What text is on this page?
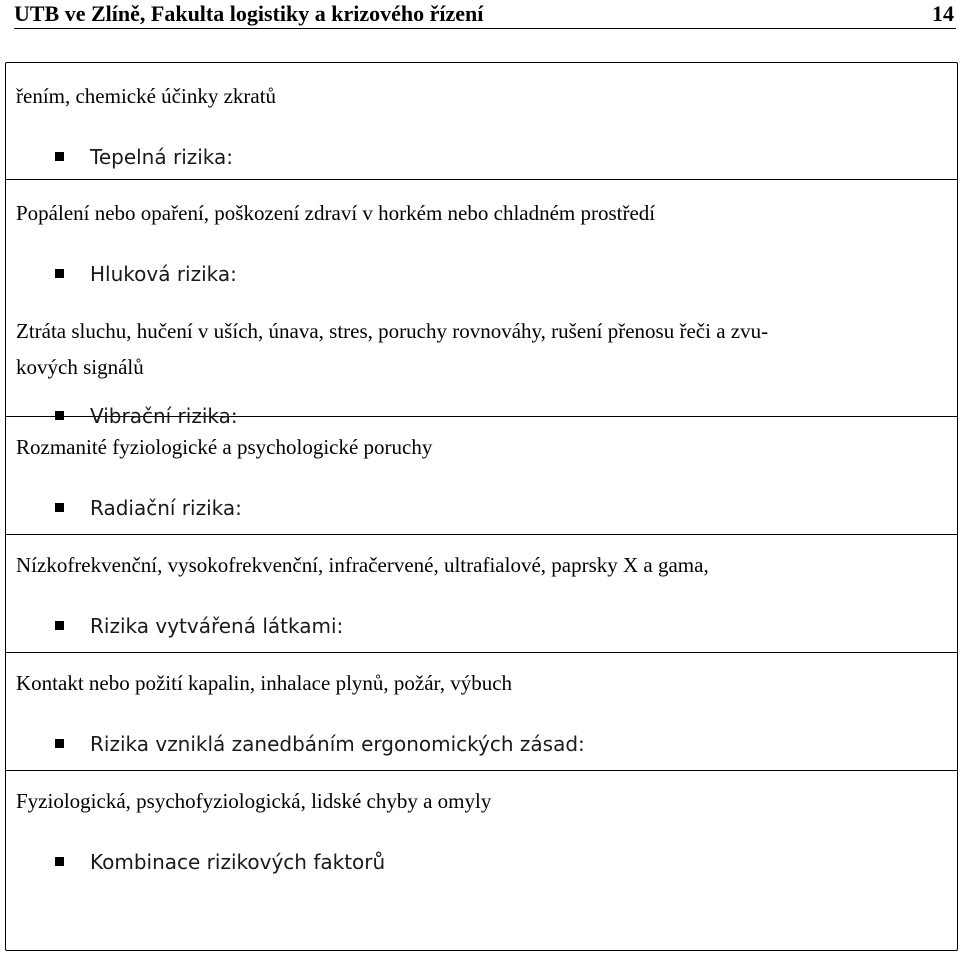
UTB ve Zlíně, Fakulta logistiky a krizového řízení	14
řením, chemické účinky zkratů
Tepelná rizika:
Popálení nebo opaření, poškození zdraví v horkém nebo chladném prostředí
Hluková rizika:
Ztráta sluchu, hučení v uších, únava, stres, poruchy rovnováhy, rušení přenosu řeči a zvu-
kových signálů
Vibrační rizika:
Rozmanité fyziologické a psychologické poruchy
Radiační rizika:
Nízkofrekvenční, vysokofrekvenční, infračervené, ultrafialové, paprsky X a gama,
Rizika vytvářená látkami:
Kontakt nebo požití kapalin, inhalace plynů, požár, výbuch
Rizika vzniklá zanedbáním ergonomických zásad:
Fyziologická, psychofyziologická, lidské chyby a omyly
Kombinace rizikových faktorů
